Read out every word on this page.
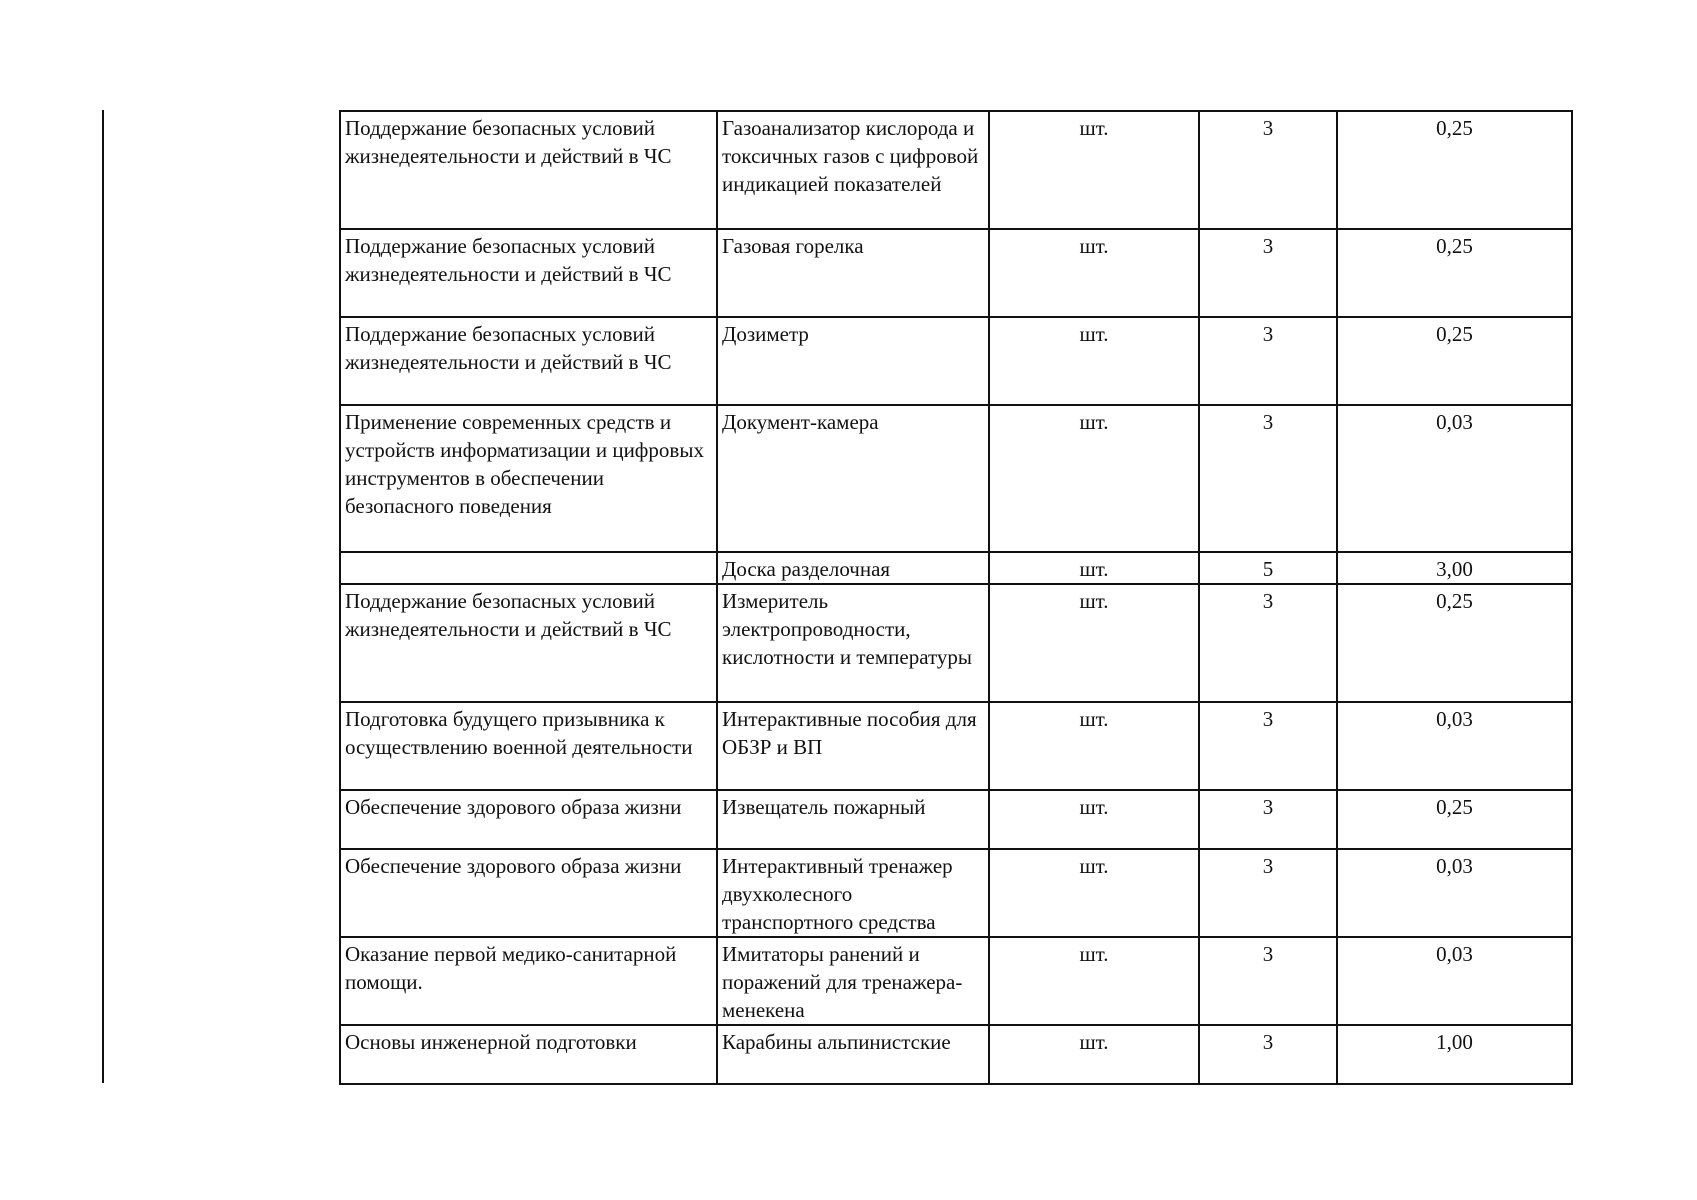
Поддержание безопасных условий жизнедеятельности и действий в ЧС	Газоанализатор кислорода и токсичных газов с цифровой индикацией показателей	шт.	3	0,25
Поддержание безопасных условий жизнедеятельности и действий в ЧС	Газовая горелка	шт.	3	0,25
Поддержание безопасных условий жизнедеятельности и действий в ЧС	Дозиметр	шт.	3	0,25
Применение современных средств и устройств информатизации и цифровых инструментов в обеспечении безопасного поведения	Документ-камера	шт.	3	0,03
	Доска разделочная	шт.	5	3,00
Поддержание безопасных условий жизнедеятельности и действий в ЧС	Измеритель электропроводности, кислотности и температуры	шт.	3	0,25
Подготовка будущего призывника к осуществлению военной деятельности	Интерактивные пособия для ОБЗР и ВП	шт.	3	0,03
Обеспечение здорового образа жизни	Извещатель пожарный	шт.	3	0,25
Обеспечение здорового образа жизни	Интерактивный тренажер двухколесного транспортного средства	шт.	3	0,03
Оказание первой медико-санитарной помощи.	Имитаторы ранений и поражений для тренажера-менекена	шт.	3	0,03
Основы инженерной подготовки	Карабины альпинистские	шт.	3	1,00
